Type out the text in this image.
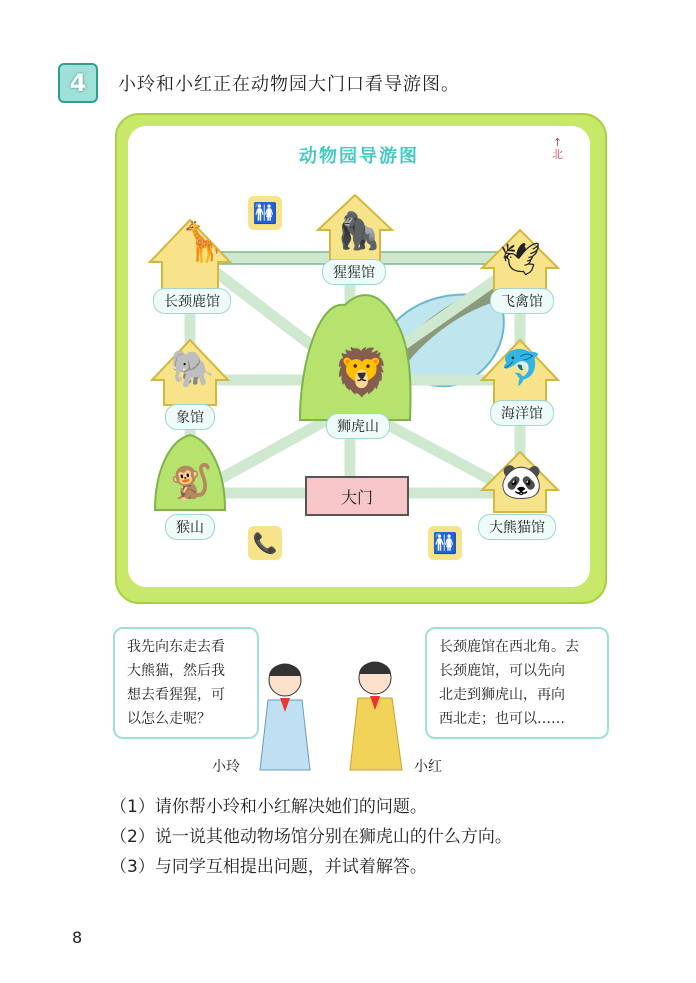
4	小玲和小红正在动物园大门口看导游图。
动物园导游图
↑
北
🦒	🦍
🕊
🐘	🦁	🐬
🐒	🐼
🚻
📞	🚻
长颈鹿馆
猩猩馆
飞禽馆
象馆
狮虎山
海洋馆
猴山	大熊猫馆
大门
我先向东走去看
大熊猫，然后我
想去看猩猩，可
以怎么走呢？
长颈鹿馆在西北角。去
长颈鹿馆，可以先向
北走到狮虎山，再向
西北走；也可以……
小玲	小红
（1）请你帮小玲和小红解决她们的问题。
（2）说一说其他动物场馆分别在狮虎山的什么方向。
（3）与同学互相提出问题，并试着解答。
8
